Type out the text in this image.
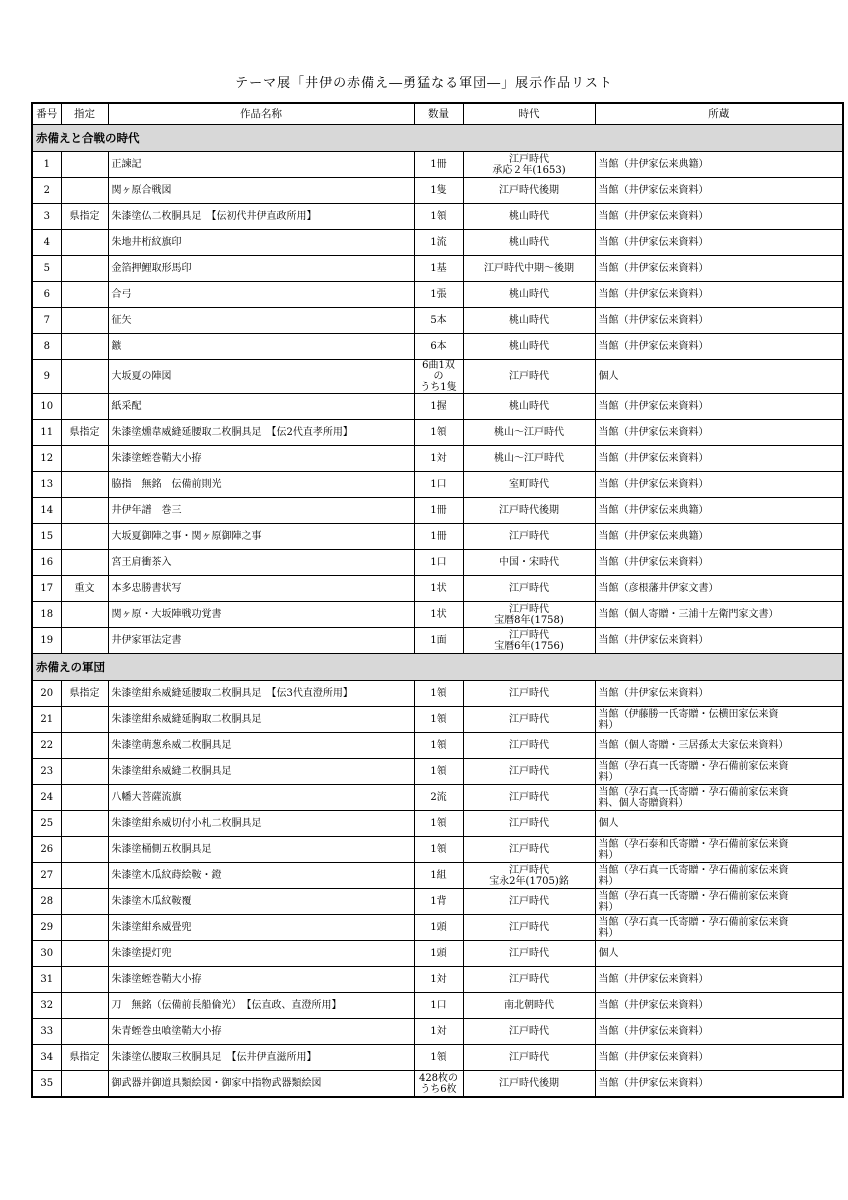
テーマ展「井伊の赤備え―勇猛なる軍団―」展示作品リスト
番号	指定	作品名称	数量	時代	所蔵
赤備えと合戦の時代					
1		正諫記	1冊	江戸時代
承応２年(1653)	当館（井伊家伝来典籍）

2		関ヶ原合戦図	1隻	江戸時代後期	当館（井伊家伝来資料）

3	県指定	朱漆塗仏二枚胴具足　【伝初代井伊直政所用】	1領	桃山時代	当館（井伊家伝来資料）

4		朱地井桁紋旗印	1流	桃山時代	当館（井伊家伝来資料）

5		金箔押鯉取形馬印	1基	江戸時代中期～後期	当館（井伊家伝来資料）

6		合弓	1張	桃山時代	当館（井伊家伝来資料）

7		征矢	5本	桃山時代	当館（井伊家伝来資料）

8		鏃	6本	桃山時代	当館（井伊家伝来資料）

9		大坂夏の陣図	6曲1双の
うち1隻	江戸時代	個人

10		紙采配	1握	桃山時代	当館（井伊家伝来資料）

11	県指定	朱漆塗燻韋威縫延腰取二枚胴具足　【伝2代直孝所用】	1領	桃山～江戸時代	当館（井伊家伝来資料）

12		朱漆塗蛭巻鞘大小拵	1対	桃山～江戸時代	当館（井伊家伝来資料）

13		脇指　無銘　伝備前則光	1口	室町時代	当館（井伊家伝来資料）

14		井伊年譜　巻三	1冊	江戸時代後期	当館（井伊家伝来典籍）

15		大坂夏御陣之事・関ヶ原御陣之事	1冊	江戸時代	当館（井伊家伝来典籍）

16		宮王肩衝茶入	1口	中国・宋時代	当館（井伊家伝来資料）

17	重文	本多忠勝書状写	1状	江戸時代	当館（彦根藩井伊家文書）

18		関ヶ原・大坂陣戦功覚書	1状	江戸時代
宝暦8年(1758)	当館（個人寄贈・三浦十左衛門家文書）

19		井伊家軍法定書	1面	江戸時代
宝暦6年(1756)	当館（井伊家伝来資料）

赤備えの軍団					
20	県指定	朱漆塗紺糸威縫延腰取二枚胴具足　【伝3代直澄所用】	1領	江戸時代	当館（井伊家伝来資料）

21		朱漆塗紺糸威縫延胸取二枚胴具足	1領	江戸時代	当館（伊藤勝一氏寄贈・伝横田家伝来資
料）

22		朱漆塗萌葱糸威二枚胴具足	1領	江戸時代	当館（個人寄贈・三居孫太夫家伝来資料）

23		朱漆塗紺糸威縫二枚胴具足	1領	江戸時代	当館（孕石真一氏寄贈・孕石備前家伝来資
料）

24		八幡大菩薩流旗	2流	江戸時代	当館（孕石真一氏寄贈・孕石備前家伝来資
料、個人寄贈資料）

25		朱漆塗紺糸威切付小札二枚胴具足	1領	江戸時代	個人

26		朱漆塗桶側五枚胴具足	1領	江戸時代	当館（孕石泰和氏寄贈・孕石備前家伝来資
料）

27		朱漆塗木瓜紋蒔絵鞍・鐙	1組	江戸時代
宝永2年(1705)銘	当館（孕石真一氏寄贈・孕石備前家伝来資
料）

28		朱漆塗木瓜紋鞍覆	1背	江戸時代	当館（孕石真一氏寄贈・孕石備前家伝来資
料）

29		朱漆塗紺糸威畳兜	1頭	江戸時代	当館（孕石真一氏寄贈・孕石備前家伝来資
料）

30		朱漆塗提灯兜	1頭	江戸時代	個人

31		朱漆塗蛭巻鞘大小拵	1対	江戸時代	当館（井伊家伝来資料）

32		刀　無銘（伝備前長船倫光）　【伝直政、直澄所用】	1口	南北朝時代	当館（井伊家伝来資料）

33		朱青蛭巻虫喰塗鞘大小拵	1対	江戸時代	当館（井伊家伝来資料）

34	県指定	朱漆塗仏腰取三枚胴具足　【伝井伊直滋所用】	1領	江戸時代	当館（井伊家伝来資料）

35		御武器并御道具類絵図・御家中指物武器類絵図	428枚の
うち6枚	江戸時代後期	当館（井伊家伝来資料）
